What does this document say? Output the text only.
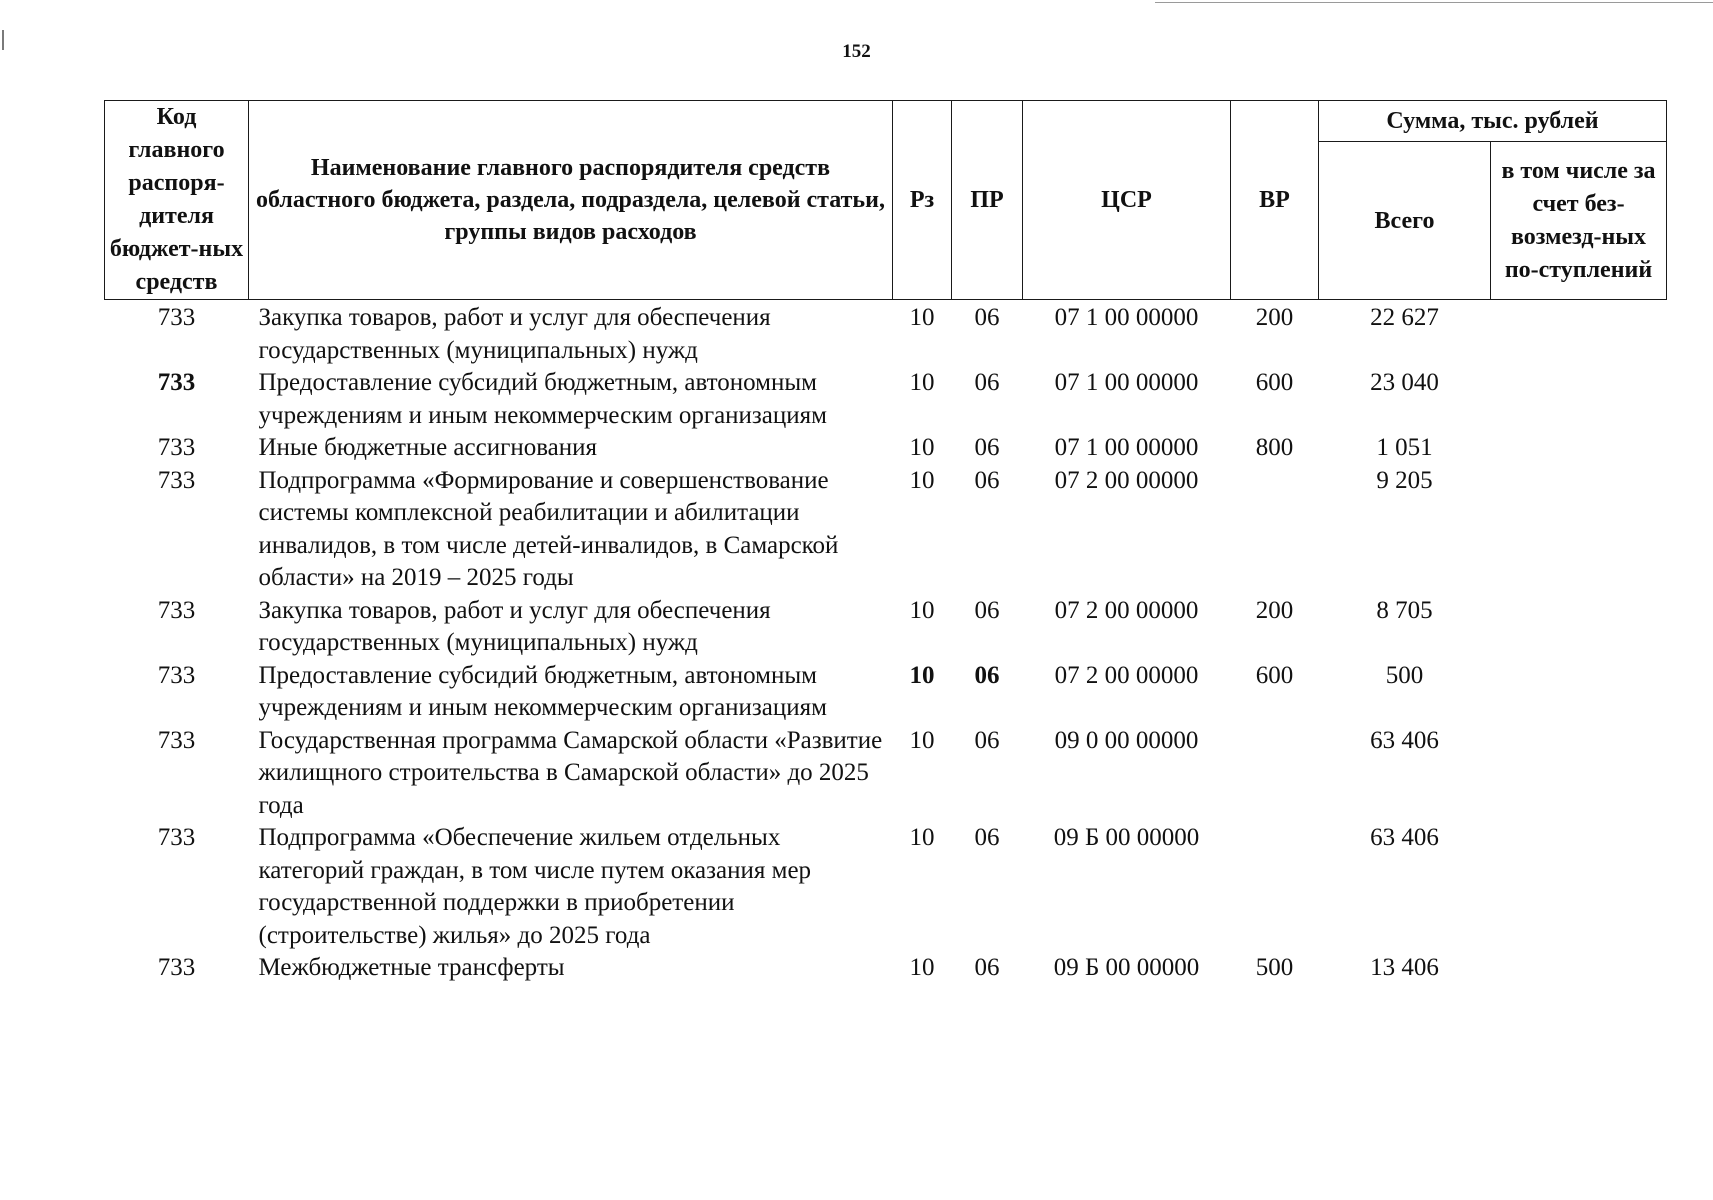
152
Код главного распоря-дителя бюджет-ных средств	Наименование главного распорядителя средств областного бюджета, раздела, подраздела, целевой статьи, группы видов расходов	Рз	ПР	ЦСР	ВР	Сумма, тыс. рублей	
						Всего	в том числе за счет без-возмезд-ных по-ступлений
733	Закупка товаров, работ и услуг для обеспечения государственных (муниципальных) нужд	10	06	07 1 00 00000	200	22 627	
733	Предоставление субсидий бюджетным, автономным учреждениям и иным некоммерческим организациям	10	06	07 1 00 00000	600	23 040	
733	Иные бюджетные ассигнования	10	06	07 1 00 00000	800	1 051	
733	Подпрограмма «Формирование и совершенствование системы комплексной реабилитации и абилитации инвалидов, в том числе детей-инвалидов, в Самарской области» на 2019 – 2025 годы	10	06	07 2 00 00000		9 205	
733	Закупка товаров, работ и услуг для обеспечения государственных (муниципальных) нужд	10	06	07 2 00 00000	200	8 705	
733	Предоставление субсидий бюджетным, автономным учреждениям и иным некоммерческим организациям	10	06	07 2 00 00000	600	500	
733	Государственная программа Самарской области «Развитие жилищного строительства в Самарской области» до 2025 года	10	06	09 0 00 00000		63 406	
733	Подпрограмма «Обеспечение жильем отдельных категорий граждан, в том числе путем оказания мер государственной поддержки в приобретении (строительстве) жилья» до 2025 года	10	06	09 Б 00 00000		63 406	
733	Межбюджетные трансферты	10	06	09 Б 00 00000	500	13 406	
